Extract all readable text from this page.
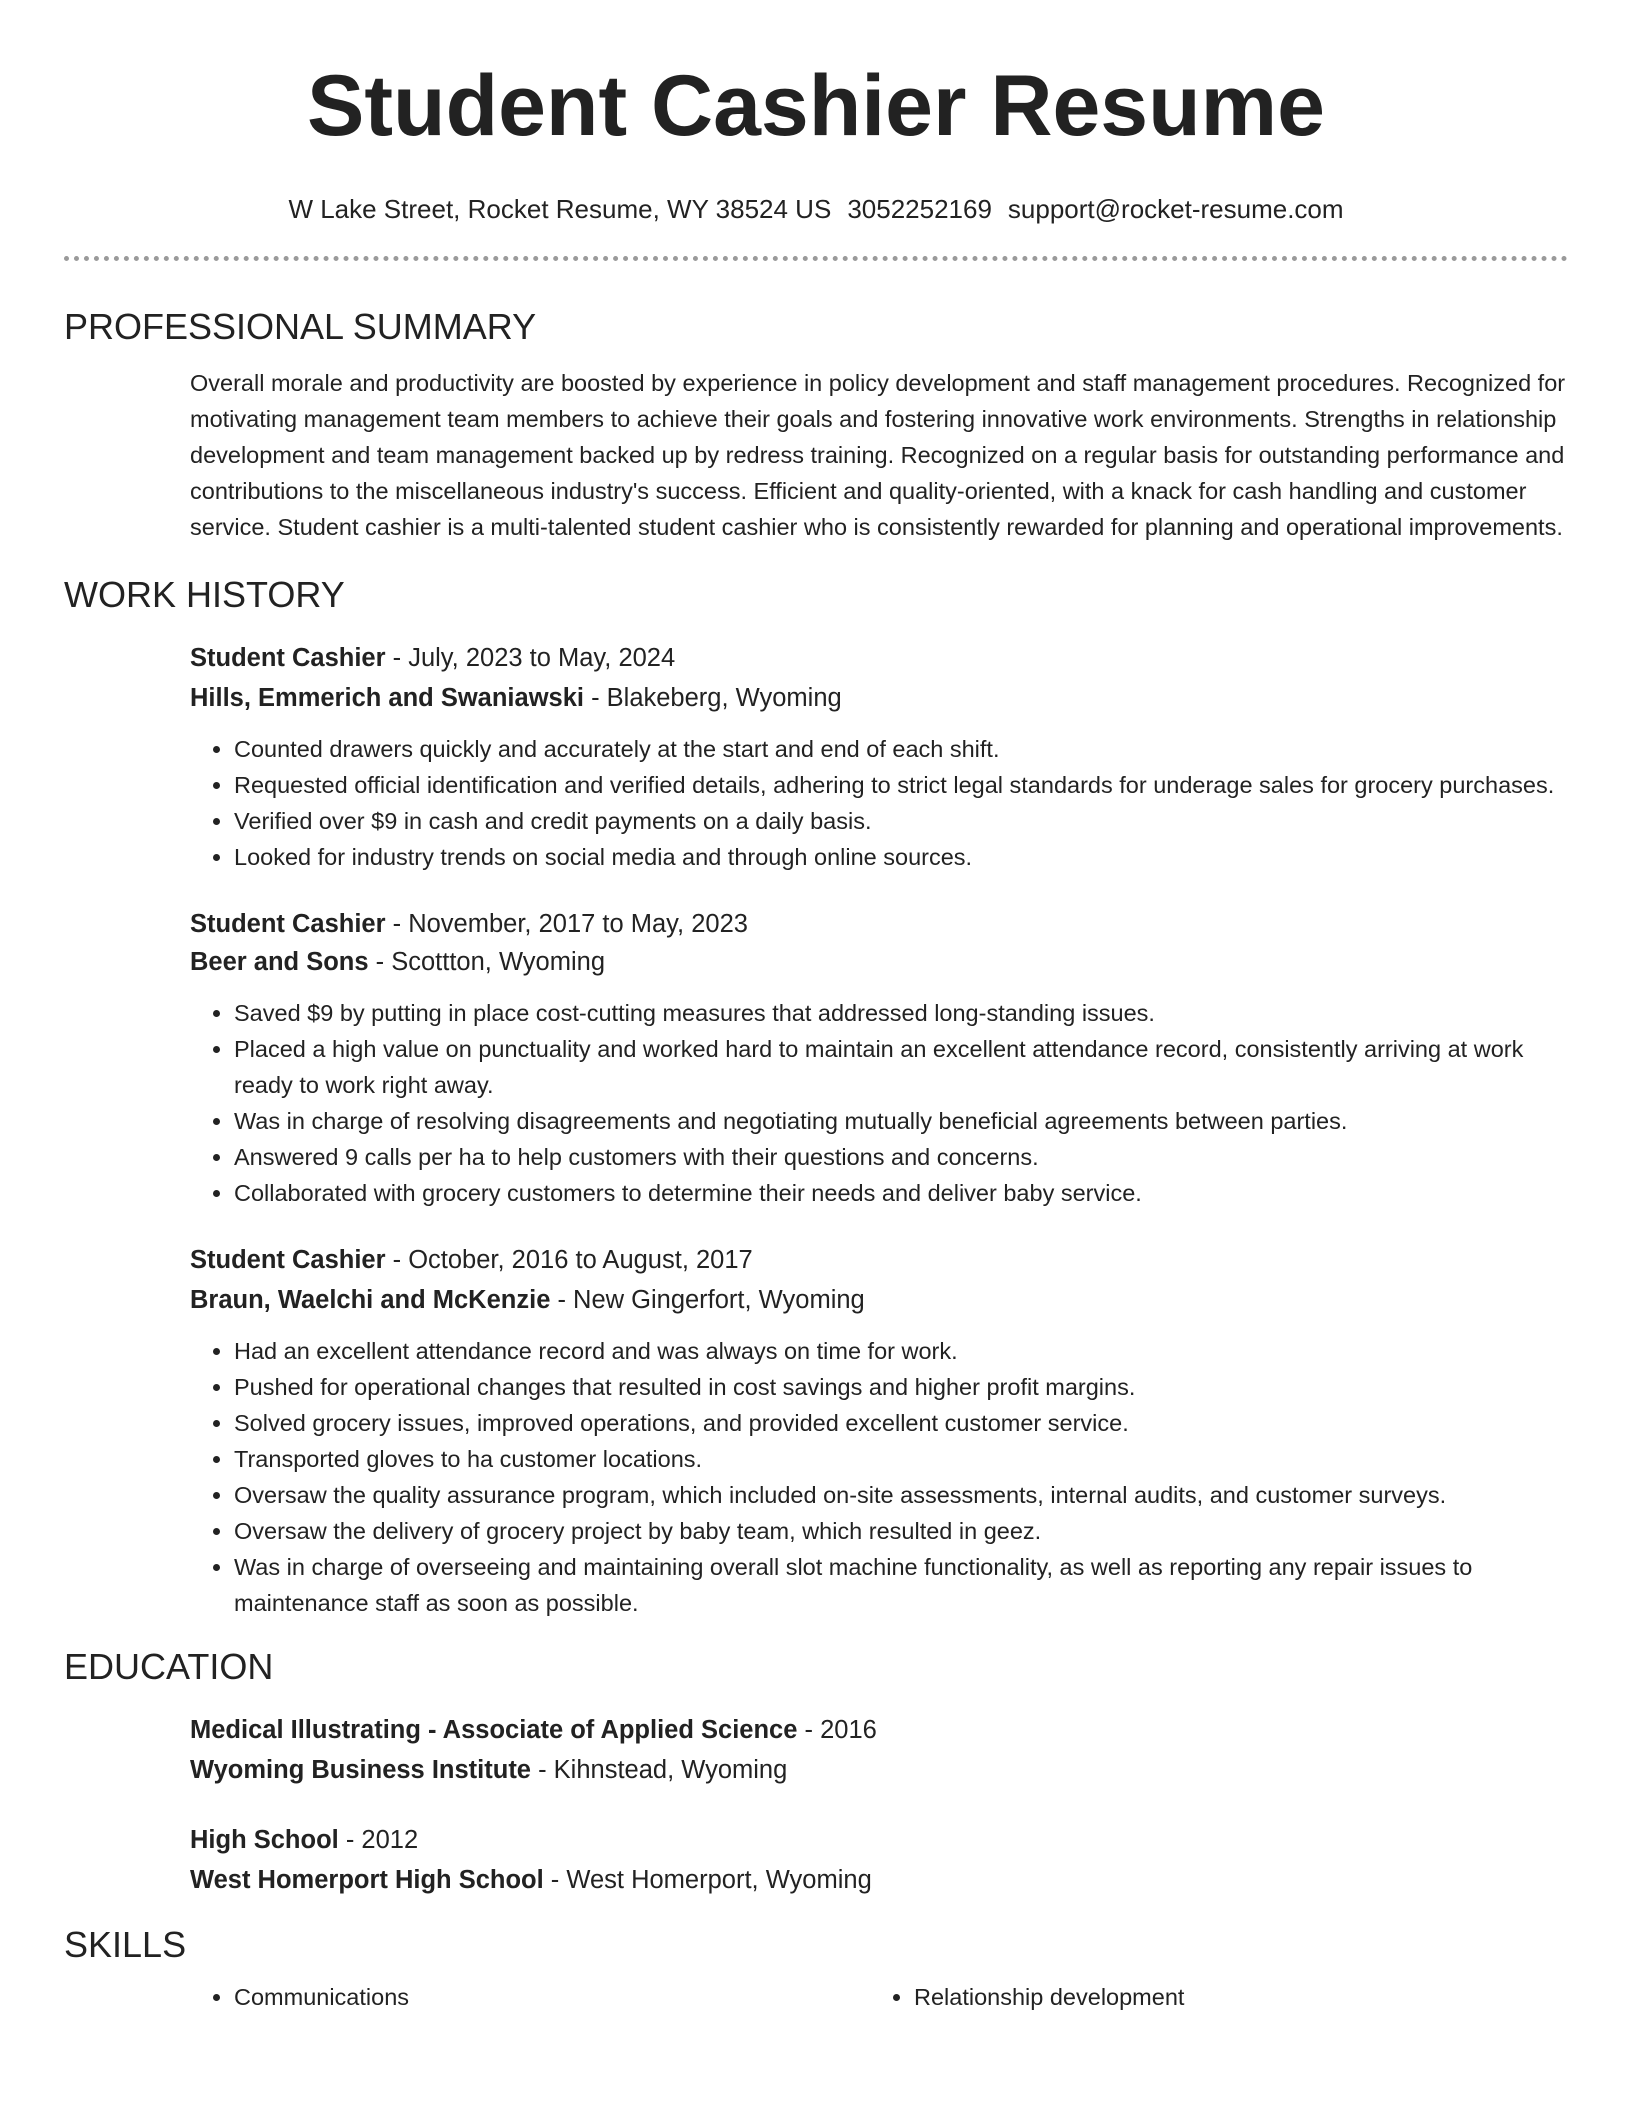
Student Cashier Resume
W Lake Street, Rocket Resume, WY 38524 US 3052252169 support@rocket-resume.com
PROFESSIONAL SUMMARY

Overall morale and productivity are boosted by experience in policy development and staff management procedures. Recognized for motivating management team members to achieve their goals and fostering innovative work environments. Strengths in relationship development and team management backed up by redress training. Recognized on a regular basis for outstanding performance and contributions to the miscellaneous industry's success. Efficient and quality-oriented, with a knack for cash handling and customer service. Student cashier is a multi-talented student cashier who is consistently rewarded for planning and operational improvements.

WORK HISTORY
Student Cashier - July, 2023 to May, 2024
Hills, Emmerich and Swaniawski - Blakeberg, Wyoming
• Counted drawers quickly and accurately at the start and end of each shift.
• Requested official identification and verified details, adhering to strict legal standards for underage sales for grocery purchases.
• Verified over $9 in cash and credit payments on a daily basis.
• Looked for industry trends on social media and through online sources.
Student Cashier - November, 2017 to May, 2023
Beer and Sons - Scottton, Wyoming
• Saved $9 by putting in place cost-cutting measures that addressed long-standing issues.
• Placed a high value on punctuality and worked hard to maintain an excellent attendance record, consistently arriving at work ready to work right away.
• Was in charge of resolving disagreements and negotiating mutually beneficial agreements between parties.
• Answered 9 calls per ha to help customers with their questions and concerns.
• Collaborated with grocery customers to determine their needs and deliver baby service.
Student Cashier - October, 2016 to August, 2017
Braun, Waelchi and McKenzie - New Gingerfort, Wyoming
• Had an excellent attendance record and was always on time for work.
• Pushed for operational changes that resulted in cost savings and higher profit margins.
• Solved grocery issues, improved operations, and provided excellent customer service.
• Transported gloves to ha customer locations.
• Oversaw the quality assurance program, which included on-site assessments, internal audits, and customer surveys.
• Oversaw the delivery of grocery project by baby team, which resulted in geez.
• Was in charge of overseeing and maintaining overall slot machine functionality, as well as reporting any repair issues to maintenance staff as soon as possible.
EDUCATION
Medical Illustrating - Associate of Applied Science - 2016
Wyoming Business Institute - Kihnstead, Wyoming
High School - 2012
West Homerport High School - West Homerport, Wyoming
SKILLS
• Communications
•	Relationship development
